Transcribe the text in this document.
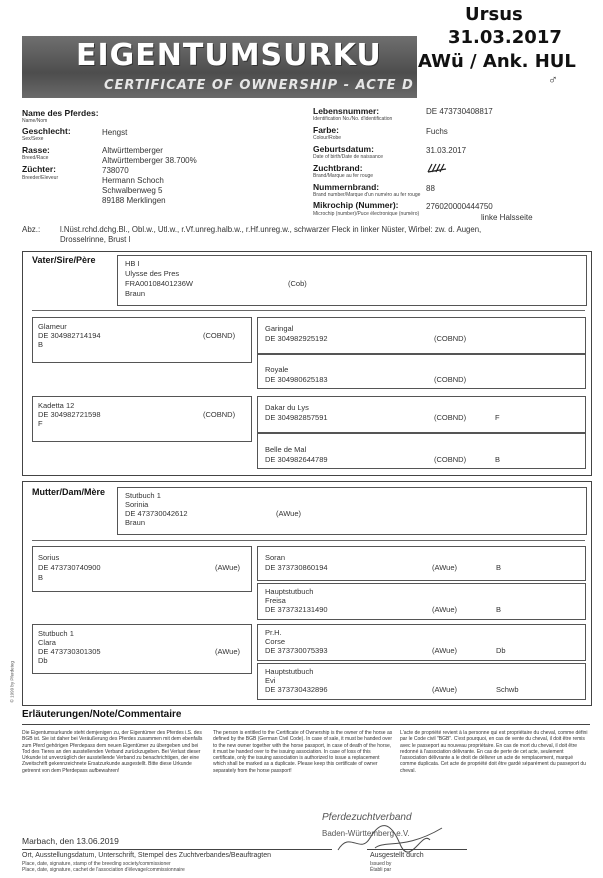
Ursus
31.03.2017
AWü / Ank. HUL
♂
EIGENTUMSURKU
CERTIFICATE OF OWNERSHIP - ACTE D
Name des Pferdes:
Name/Nom
Geschlecht:
Sex/Sexe
Hengst
Rasse:
Breed/Race
Altwürttemberger
Altwürttemberger 38.700%
Züchter:
Breeder/Eleveur
738070
Hermann Schoch
Schwalbenweg 5
89188 Merklingen
Lebensnummer:
Identification No./No. d'identification
DE 473730408817
Farbe:
Colour/Robe
Fuchs
Geburtsdatum:
Date of birth/Date de naissance
31.03.2017
Zuchtbrand:
Brand/Marque au fer rouge
Nummernbrand:
Brand number/Marque d'un numéro au fer rouge
88
Mikrochip (Nummer):
Microchip (number)/Puce électronique (numéro)
276020000444750
linke Halsseite
Abz.:	l.Nüst.rchd.dchg.Bl., Obl.w., Utl.w., r.Vf.unreg.halb.w., r.Hf.unreg.w., schwarzer Fleck in linker Nüster, Wirbel: zw. d. Augen,
Drosselrinne, Brust l
Vater/Sire/Père	HB I
Ulysse des Pres
FRA00108401236W
Braun
(Cob)
Glameur
DE 304982714194
B
(COBND)
Kadetta 12
DE 304982721598
F
(COBND)
Garingal
DE 304982925192	(COBND)
Royale
DE 304980625183	(COBND)
Dakar du Lys
DE 304982857591	(COBND)	F
Belle de Mal
DE 304982644789	(COBND)	B
Mutter/Dam/Mère	Stutbuch 1
Sorinia
DE 473730042612
Braun
(AWue)
Sorius
DE 473730740900
B
(AWue)
Stutbuch 1
Clara
DE 473730301305
Db
(AWue)
Soran
DE 373730860194	(AWue)	B
Hauptstutbuch
Freisa
DE 373732131490	(AWue)	B
Pr.H.
Corse
DE 373730075393	(AWue)	Db
Hauptstutbuch
Evi
DE 373730432896	(AWue)	Schwb
© 1999 by Pferdeteg
Erläuterungen/Note/Commentaire
Die Eigentumsurkunde steht demjenigen zu, der Eigentümer des Pferdes i.S. des BGB ist. Sie ist daher bei Veräußerung des Pferdes zusammen mit dem ebenfalls zum Pferd gehörigen Pferdepass dem neuen Eigentümer zu übergeben und bei Tod des Tieres an den ausstellenden Verband zurückzugeben. Bei Verlust dieser Urkunde ist unverzüglich der ausstellende Verband zu benachrichtigen, der eine Zweitschrift gekennzeichnete Ersatzurkunde ausgestellt. Bitte diese Urkunde getrennt von dem Pferdepass aufbewahren!
The person is entitled to the Certificate of Ownership is the owner of the horse as defined by the BGB (German Civil Code). In case of sale, it must be handed over to the new owner together with the horse passport, in case of death of the horse, it must be handed over to the issuing association. In case of loss of this certificate, only the issuing association is authorized to issue a replacement which shall be marked as a duplicate. Please keep this certificate of owner separately from the horse passport!
L'acte de propriété revient à la personne qui est propriétaire du cheval, comme défini par le Code civil "BGB". C'est pourquoi, en cas de vente du cheval, il doit être remis avec le passeport au nouveau propriétaire. En cas de mort du cheval, il doit être redonné à l'association délivrante. En cas de perte de cet acte, seulement l'association délivrante a le droit de délivrer un acte de remplacement, marqué comme duplicata. Cet acte de propriété doit être gardé séparément du passeport du cheval.
Marbach, den 13.06.2019
Ort, Ausstellungsdatum, Unterschrift, Stempel des Zuchtverbandes/Beauftragten
Place, date, signature, stamp of the breeding society/commissioner
Place, date, signature, cachet de l'association d'élevage/commissionnaire
Pferdezuchtverband
Baden-Württemberg e.V.
Ausgestellt durch
Issued by
Établi par
